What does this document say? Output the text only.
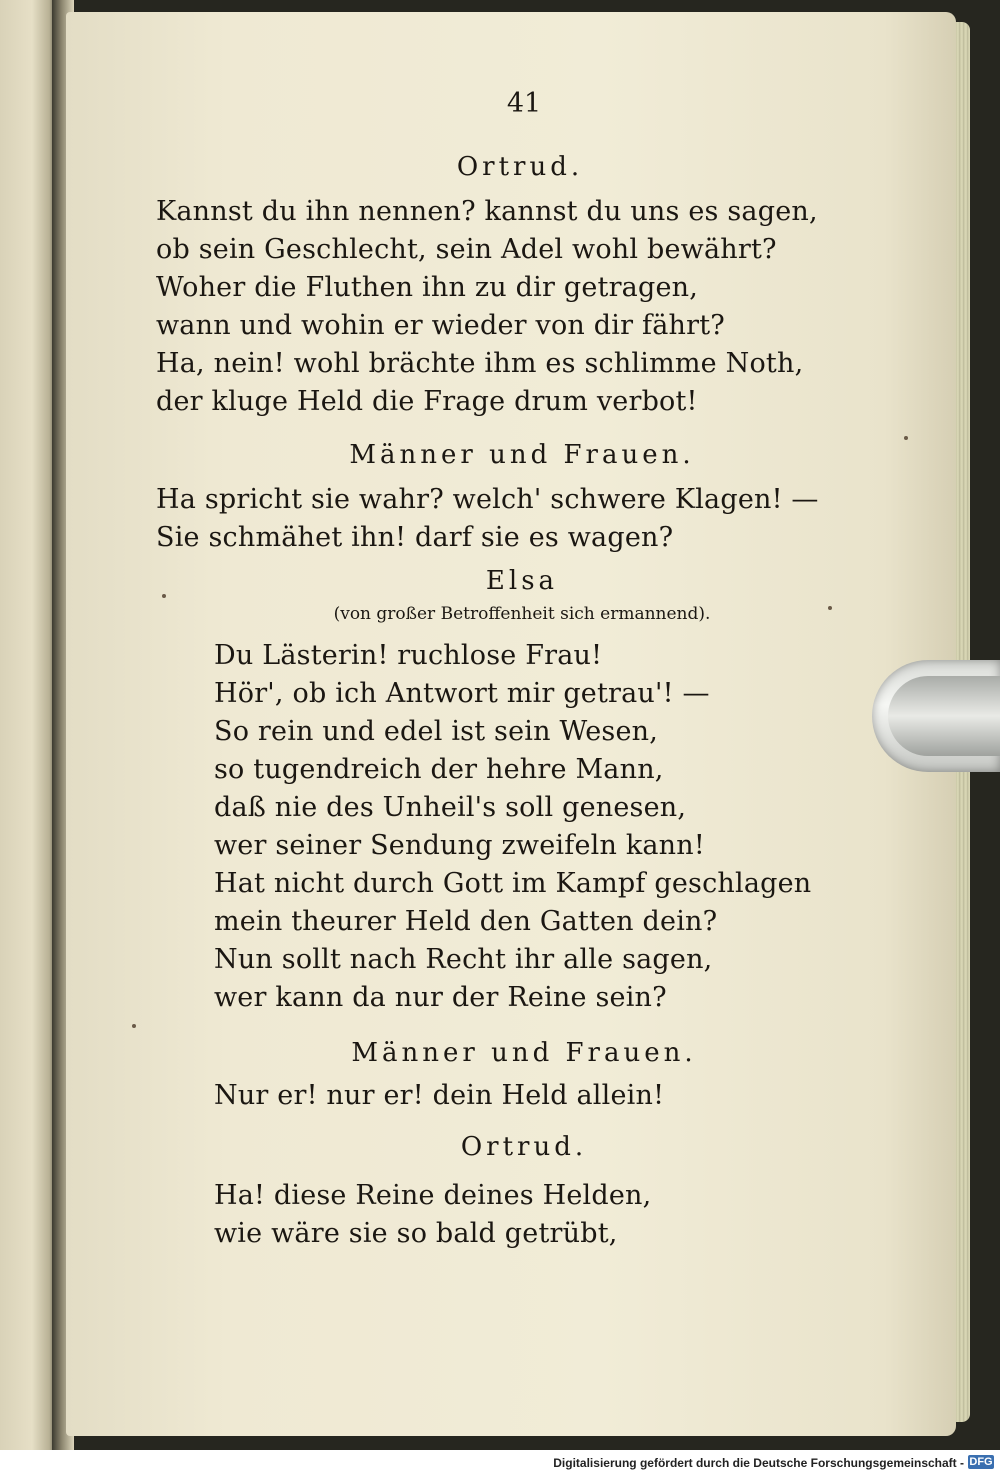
41
Ortrud.
Kannst du ihn nennen? kannst du uns es sagen,
ob sein Geschlecht, sein Adel wohl bewährt?
Woher die Fluthen ihn zu dir getragen,
wann und wohin er wieder von dir fährt?
Ha, nein! wohl brächte ihm es schlimme Noth,
der kluge Held die Frage drum verbot!
Männer und Frauen.
Ha spricht sie wahr? welch' schwere Klagen! —
Sie schmähet ihn! darf sie es wagen?
Elsa
(von großer Betroffenheit sich ermannend).
Du Lästerin! ruchlose Frau!
Hör', ob ich Antwort mir getrau'! —
So rein und edel ist sein Wesen,
so tugendreich der hehre Mann,
daß nie des Unheil's soll genesen,
wer seiner Sendung zweifeln kann!
Hat nicht durch Gott im Kampf geschlagen
mein theurer Held den Gatten dein?
Nun sollt nach Recht ihr alle sagen,
wer kann da nur der Reine sein?
Männer und Frauen.
Nur er! nur er! dein Held allein!
Ortrud.
Ha! diese Reine deines Helden,
wie wäre sie so bald getrübt,
Digitalisierung gefördert durch die Deutsche Forschungsgemeinschaft - DFG
